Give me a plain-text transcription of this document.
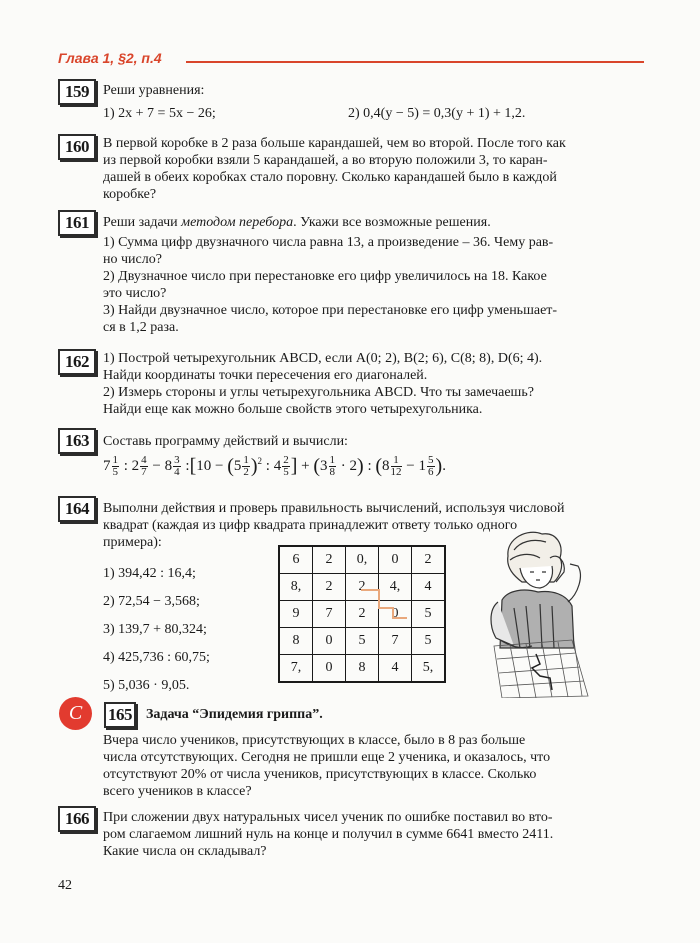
Глава 1, §2, п.4
159	Реши уравнения:
1) 2x + 7 = 5x − 26;	2) 0,4(y − 5) = 0,3(y + 1) + 1,2.
160	В первой коробке в 2 раза больше карандашей, чем во второй. После того как

из первой коробки взяли 5 карандашей, а во вторую положили 3, то каран-

дашей в обеих коробках стало поровну. Сколько карандашей было в каждой

коробке?

161	Реши задачи методом перебора. Укажи все возможные решения.

1) Сумма цифр двузначного числа равна 13, а произведение – 36. Чему рав-

но число?

2) Двузначное число при перестановке его цифр увеличилось на 18. Какое

это число?

3) Найди двузначное число, которое при перестановке его цифр уменьшает-

ся в 1,2 раза.

162	1) Построй четырехугольник ABCD, если A(0; 2), B(2; 6), C(8; 8), D(6; 4).

Найди координаты точки пересечения его диагоналей.

2) Измерь стороны и углы четырехугольника ABCD. Что ты замечаешь?

Найди еще как можно больше свойств этого четырехугольника.

163	Составь программу действий и вычисли:
$7 \frac{1}{5}$ : $2 \frac{4}{7} - 8 \frac{3}{4}$ :[10 − $(5 \frac{1}{2} )^2$ : $4 \frac{2}{5}$ ] + $(3 \frac{1}{8} \cdot 2)$ : ($8 \frac{1}{12} - 1 \frac{5}{6}$ ).
164	Выполни действия и проверь правильность вычислений, используя числовой

квадрат (каждая из цифр квадрата принадлежит ответу только одного

примера):

1) 394,42 : 16,4;
2) 72,54 − 3,568;
3) 139,7 + 80,324;
4) 425,736 : 60,75;
5) 5,036 · 9,05.
6	2	0,	0	2
8,	2	2	4,	4
9	7	2	0	5
8	0	5	7	5
7,	0	8	4	5,
С	165 Задача “Эпидемия гриппа”.

Вчера число учеников, присутствующих в классе, было в 8 раз больше

числа отсутствующих. Сегодня не пришли еще 2 ученика, и оказалось, что

отсутствуют 20% от числа учеников, присутствующих в классе. Сколько

всего учеников в классе?

166	При сложении двух натуральных чисел ученик по ошибке поставил во вто-

ром слагаемом лишний нуль на конце и получил в сумме 6641 вместо 2411.

Какие числа он складывал?

42
